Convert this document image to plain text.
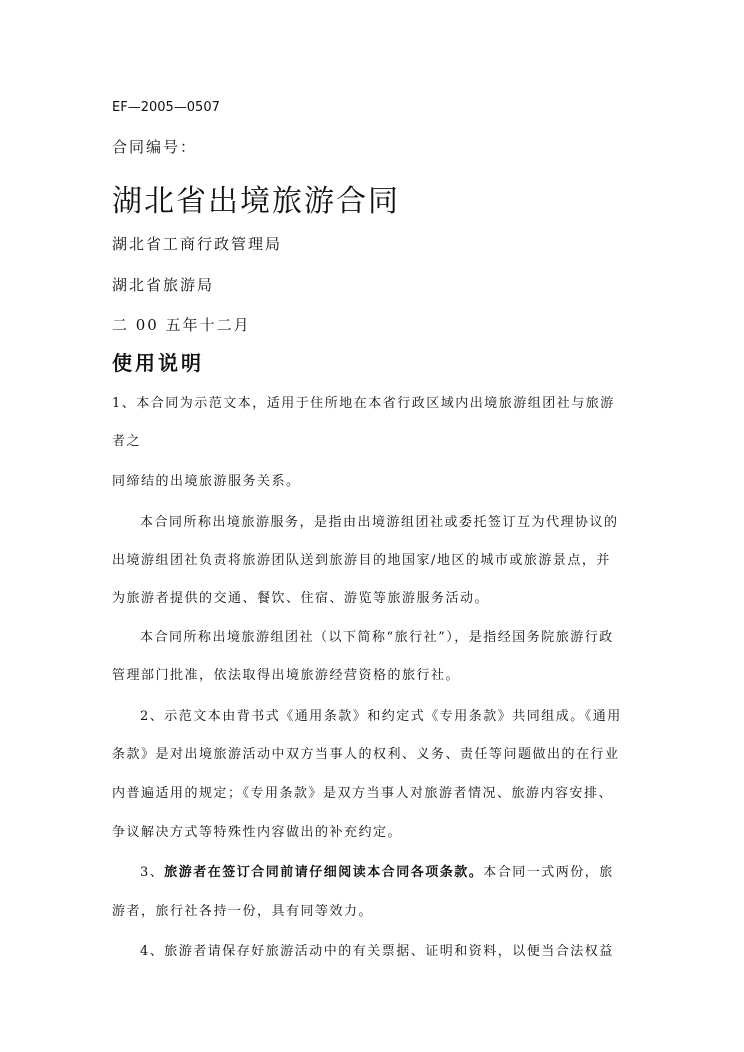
EF—2005—0507
合同编号：
湖北省出境旅游合同
湖北省工商行政管理局
湖北省旅游局
二 00 五年十二月
使用说明
1、本合同为示范文本，适用于住所地在本省行政区域内出境旅游组团社与旅游
者之
同缔结的出境旅游服务关系。
本合同所称出境旅游服务，是指由出境游组团社或委托签订互为代理协议的
出境游组团社负责将旅游团队送到旅游目的地国家/地区的城市或旅游景点，并
为旅游者提供的交通、餐饮、住宿、游览等旅游服务活动。
本合同所称出境旅游组团社（以下简称“旅行社”），是指经国务院旅游行政
管理部门批准，依法取得出境旅游经营资格的旅行社。
2、示范文本由背书式《通用条款》和约定式《专用条款》共同组成。《通用
条款》是对出境旅游活动中双方当事人的权利、义务、责任等问题做出的在行业
内普遍适用的规定；《专用条款》是双方当事人对旅游者情况、旅游内容安排、
争议解决方式等特殊性内容做出的补充约定。
3、旅游者在签订合同前请仔细阅读本合同各项条款。本合同一式两份，旅
游者，旅行社各持一份，具有同等效力。
4、旅游者请保存好旅游活动中的有关票据、证明和资料，以便当合法权益
